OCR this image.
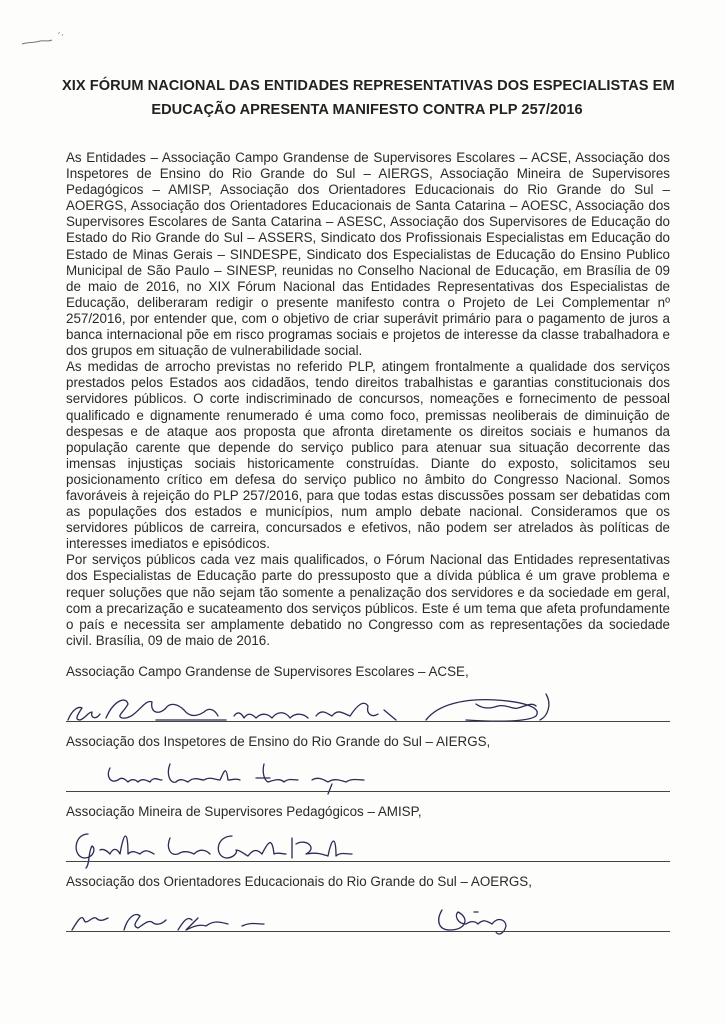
XIX FÓRUM NACIONAL DAS ENTIDADES REPRESENTATIVAS DOS ESPECIALISTAS EM
EDUCAÇÃO APRESENTA MANIFESTO CONTRA PLP 257/2016
As Entidades – Associação Campo Grandense de Supervisores Escolares – ACSE, Associação dos Inspetores de Ensino do Rio Grande do Sul – AIERGS, Associação Mineira de Supervisores Pedagógicos – AMISP, Associação dos Orientadores Educacionais do Rio Grande do Sul – AOERGS, Associação dos Orientadores Educacionais de Santa Catarina – AOESC, Associação dos Supervisores Escolares de Santa Catarina – ASESC, Associação dos Supervisores de Educação do Estado do Rio Grande do Sul – ASSERS, Sindicato dos Profissionais Especialistas em Educação do Estado de Minas Gerais – SINDESPE, Sindicato dos Especialistas de Educação do Ensino Publico Municipal de São Paulo – SINESP, reunidas no Conselho Nacional de Educação, em Brasília de 09 de maio de 2016, no XIX Fórum Nacional das Entidades Representativas dos Especialistas de Educação, deliberaram redigir o presente manifesto contra o Projeto de Lei Complementar nº 257/2016, por entender que, com o objetivo de criar superávit primário para o pagamento de juros a banca internacional põe em risco programas sociais e projetos de interesse da classe trabalhadora e dos grupos em situação de vulnerabilidade social.
As medidas de arrocho previstas no referido PLP, atingem frontalmente a qualidade dos serviços prestados pelos Estados aos cidadãos, tendo direitos trabalhistas e garantias constitucionais dos servidores públicos. O corte indiscriminado de concursos, nomeações e fornecimento de pessoal qualificado e dignamente renumerado é uma como foco, premissas neoliberais de diminuição de despesas e de ataque aos proposta que afronta diretamente os direitos sociais e humanos da população carente que depende do serviço publico para atenuar sua situação decorrente das imensas injustiças sociais historicamente construídas. Diante do exposto, solicitamos seu posicionamento crítico em defesa do serviço publico no âmbito do Congresso Nacional. Somos favoráveis à rejeição do PLP 257/2016, para que todas estas discussões possam ser debatidas com as populações dos estados e municípios, num amplo debate nacional. Consideramos que os servidores públicos de carreira, concursados e efetivos, não podem ser atrelados às políticas de interesses imediatos e episódicos.
Por serviços públicos cada vez mais qualificados, o Fórum Nacional das Entidades representativas dos Especialistas de Educação parte do pressuposto que a dívida pública é um grave problema e requer soluções que não sejam tão somente a penalização dos servidores e da sociedade em geral, com a precarização e sucateamento dos serviços públicos. Este é um tema que afeta profundamente o país e necessita ser amplamente debatido no Congresso com as representações da sociedade civil. Brasília, 09 de maio de 2016.
Associação Campo Grandense de Supervisores Escolares – ACSE,
Associação dos Inspetores de Ensino do Rio Grande do Sul – AIERGS,
Associação Mineira de Supervisores Pedagógicos – AMISP,
Associação dos Orientadores Educacionais do Rio Grande do Sul – AOERGS,
